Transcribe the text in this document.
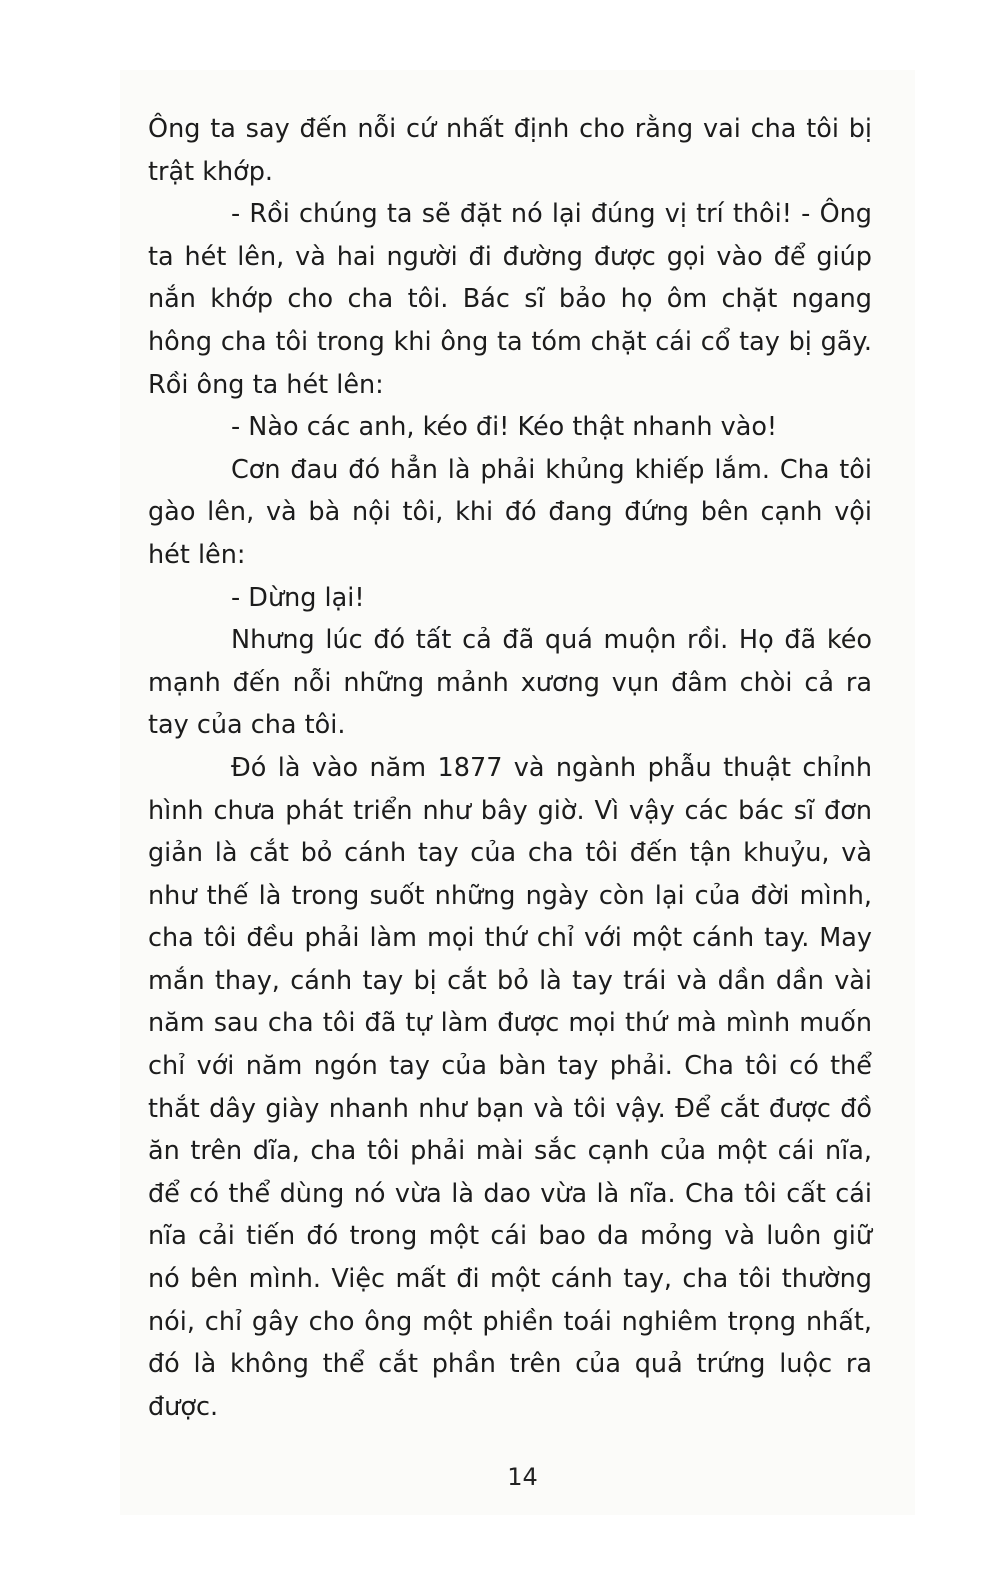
Ông ta say đến nỗi cứ nhất định cho rằng vai cha tôi bị trật khớp.

- Rồi chúng ta sẽ đặt nó lại đúng vị trí thôi! - Ông ta hét lên, và hai người đi đường được gọi vào để giúp nắn khớp cho cha tôi. Bác sĩ bảo họ ôm chặt ngang hông cha tôi trong khi ông ta tóm chặt cái cổ tay bị gãy. Rồi ông ta hét lên:

- Nào các anh, kéo đi! Kéo thật nhanh vào!

Cơn đau đó hẳn là phải khủng khiếp lắm. Cha tôi gào lên, và bà nội tôi, khi đó đang đứng bên cạnh vội hét lên:

- Dừng lại!

Nhưng lúc đó tất cả đã quá muộn rồi. Họ đã kéo mạnh đến nỗi những mảnh xương vụn đâm chòi cả ra tay của cha tôi.

Đó là vào năm 1877 và ngành phẫu thuật chỉnh hình chưa phát triển như bây giờ. Vì vậy các bác sĩ đơn giản là cắt bỏ cánh tay của cha tôi đến tận khuỷu, và như thế là trong suốt những ngày còn lại của đời mình, cha tôi đều phải làm mọi thứ chỉ với một cánh tay. May mắn thay, cánh tay bị cắt bỏ là tay trái và dần dần vài năm sau cha tôi đã tự làm được mọi thứ mà mình muốn chỉ với năm ngón tay của bàn tay phải. Cha tôi có thể thắt dây giày nhanh như bạn và tôi vậy. Để cắt được đồ ăn trên dĩa, cha tôi phải mài sắc cạnh của một cái nĩa, để có thể dùng nó vừa là dao vừa là nĩa. Cha tôi cất cái nĩa cải tiến đó trong một cái bao da mỏng và luôn giữ nó bên mình. Việc mất đi một cánh tay, cha tôi thường nói, chỉ gây cho ông một phiền toái nghiêm trọng nhất, đó là không thể cắt phần trên của quả trứng luộc ra được.

14
